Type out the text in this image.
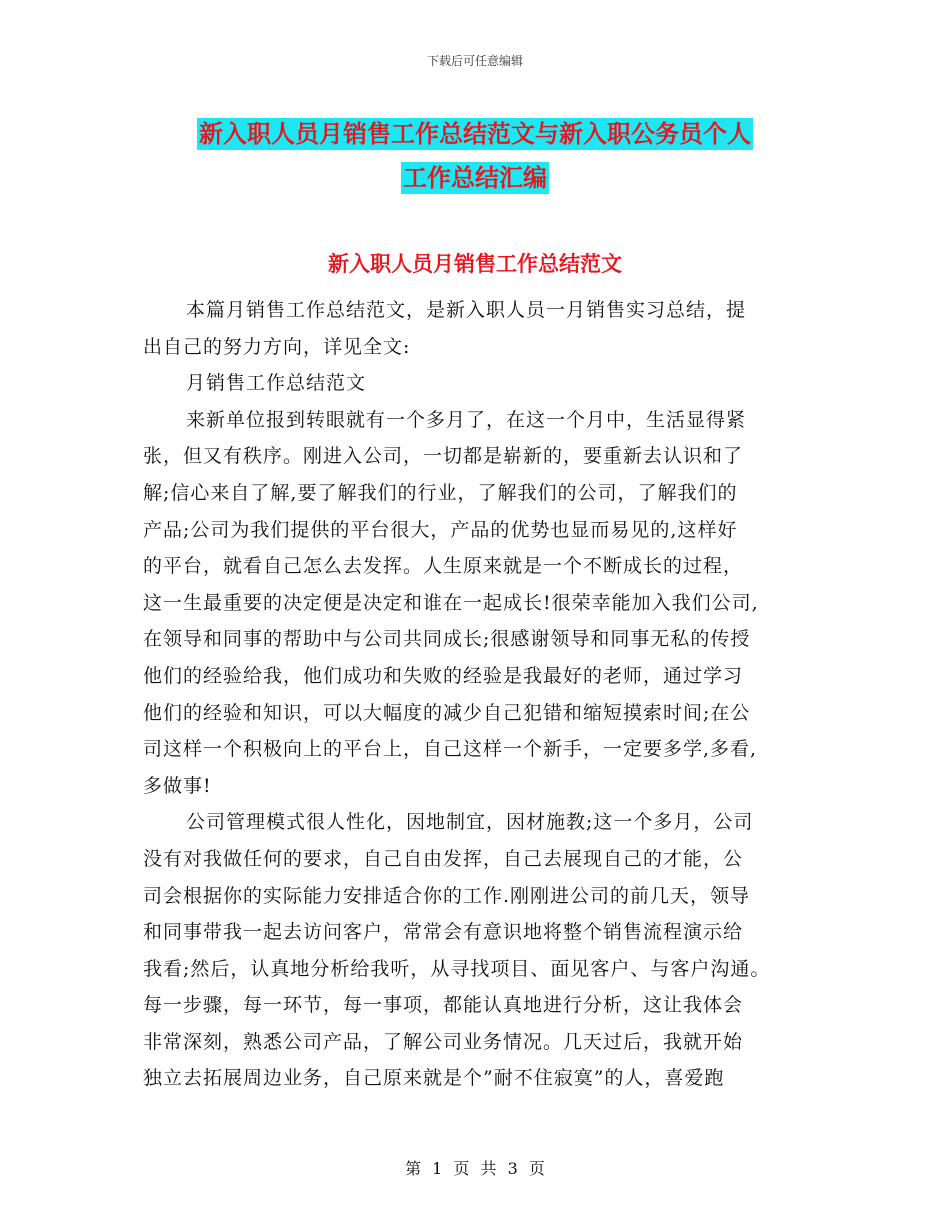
下载后可任意编辑
新入职人员月销售工作总结范文与新入职公务员个人
工作总结汇编
新入职人员月销售工作总结范文
本篇月销售工作总结范文，是新入职人员一月销售实习总结，提
出自己的努力方向，详见全文:
月销售工作总结范文
来新单位报到转眼就有一个多月了，在这一个月中，生活显得紧
张，但又有秩序。刚进入公司，一切都是崭新的，要重新去认识和了
解;信心来自了解,要了解我们的行业，了解我们的公司，了解我们的
产品;公司为我们提供的平台很大，产品的优势也显而易见的,这样好
的平台，就看自己怎么去发挥。人生原来就是一个不断成长的过程，
这一生最重要的决定便是决定和谁在一起成长!很荣幸能加入我们公司,
在领导和同事的帮助中与公司共同成长;很感谢领导和同事无私的传授
他们的经验给我，他们成功和失败的经验是我最好的老师，通过学习
他们的经验和知识，可以大幅度的减少自己犯错和缩短摸索时间;在公
司这样一个积极向上的平台上，自己这样一个新手，一定要多学,多看,
多做事!
公司管理模式很人性化，因地制宜，因材施教;这一个多月，公司
没有对我做任何的要求，自己自由发挥，自己去展现自己的才能，公
司会根据你的实际能力安排适合你的工作.刚刚进公司的前几天，领导
和同事带我一起去访问客户，常常会有意识地将整个销售流程演示给
我看;然后，认真地分析给我听，从寻找项目、面见客户、与客户沟通。
每一步骤，每一环节，每一事项，都能认真地进行分析，这让我体会
非常深刻，熟悉公司产品，了解公司业务情况。几天过后，我就开始
独立去拓展周边业务，自己原来就是个”耐不住寂寞”的人，喜爱跑
第 1 页 共 3 页
